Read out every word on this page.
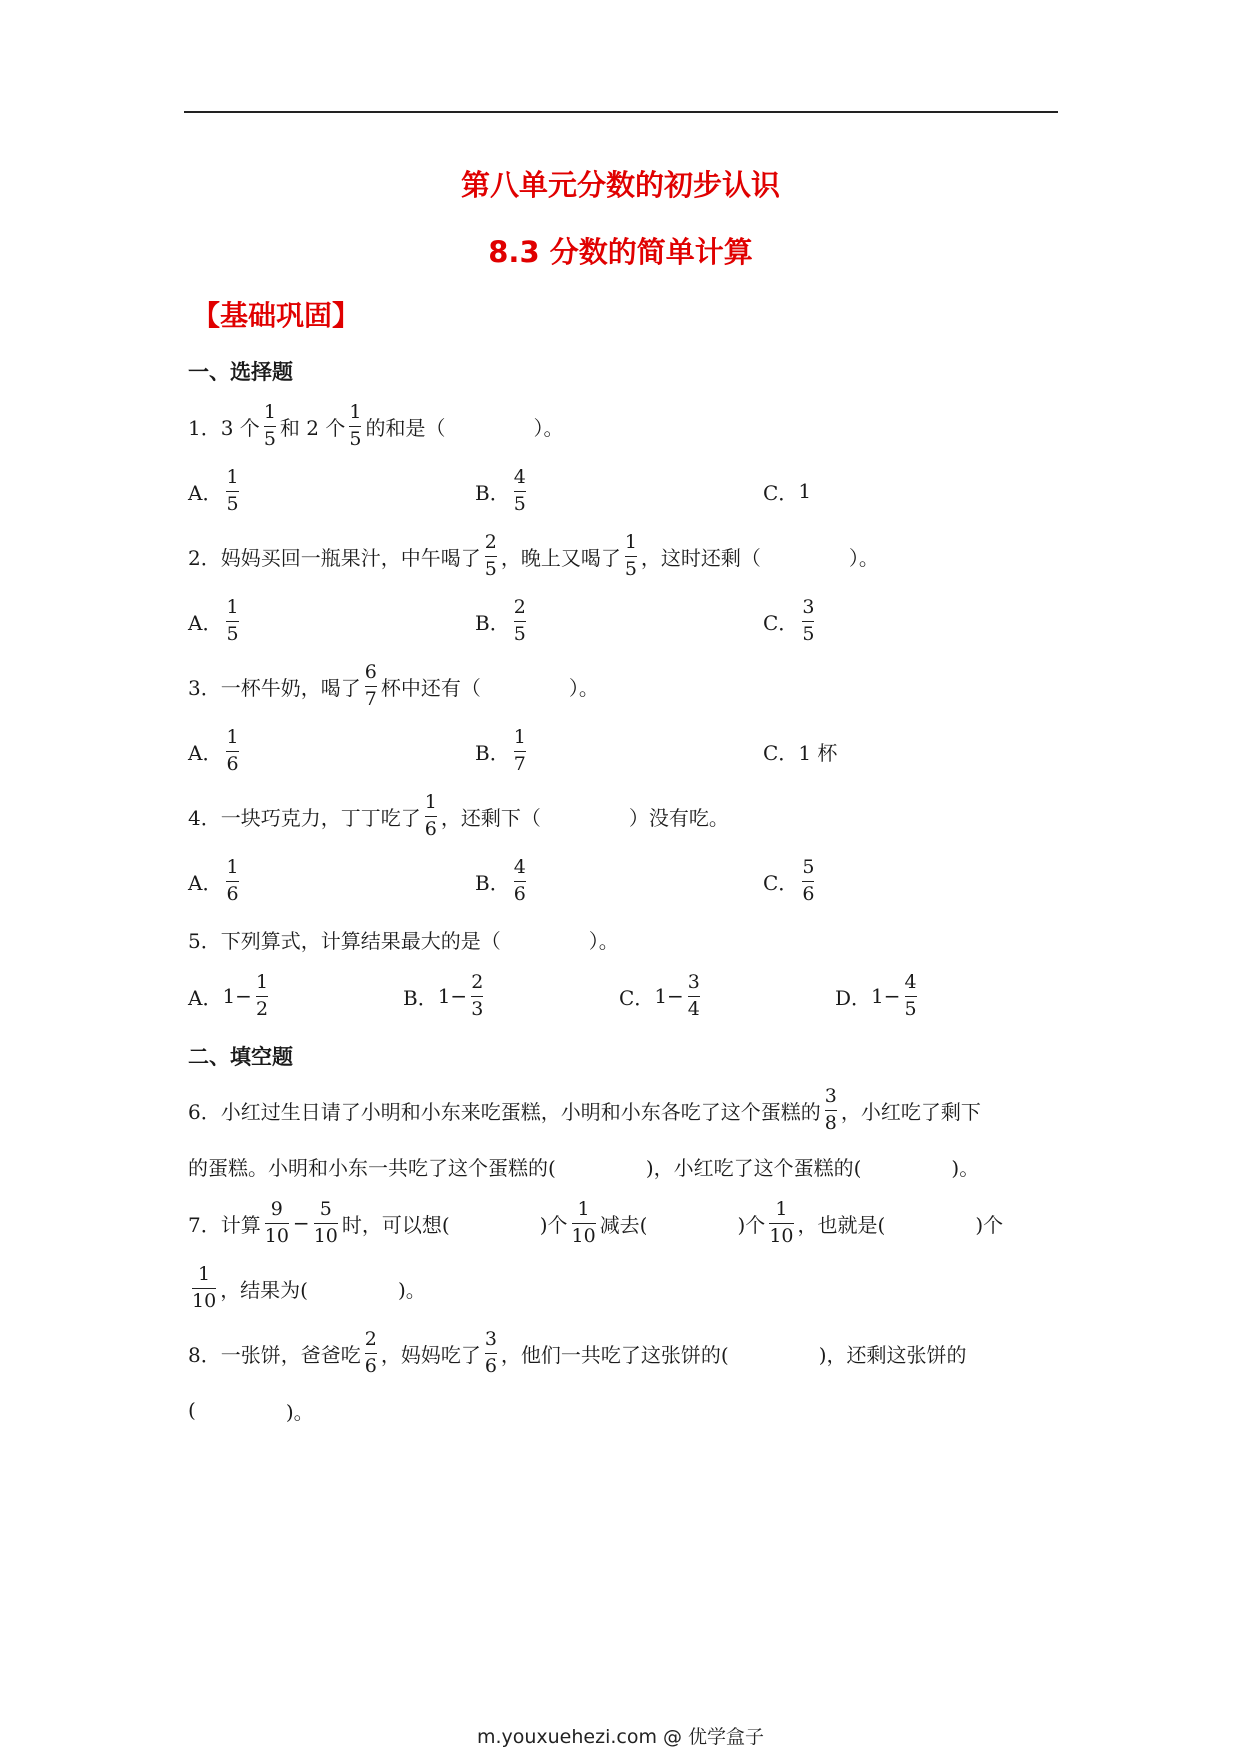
第八单元分数的初步认识
8.3 分数的简单计算
【基础巩固】
一、选择题
1．3 个 $\frac{1}{5}$ 和 2 个 $\frac{1}{5}$ 的和是（	）。
A． $\frac{1}{5}$	B． $\frac{4}{5}$	C． 1
2．妈妈买回一瓶果汁，中午喝了 $\frac{2}{5}$ ，晚上又喝了 $\frac{1}{5}$ ，这时还剩（	）。
A． $\frac{1}{5}$	B． $\frac{2}{5}$	C． $\frac{3}{5}$
3．一杯牛奶，喝了 $\frac{6}{7}$ 杯中还有（	）。
A． $\frac{1}{6}$	B． $\frac{1}{7}$	C． 1 杯
4．一块巧克力，丁丁吃了 $\frac{1}{6}$ ，还剩下（	）没有吃。
A． $\frac{1}{6}$	B． $\frac{4}{6}$	C． $\frac{5}{6}$
5．下列算式，计算结果最大的是（	）。
A． $1- \frac{1}{2}$	B． $1- \frac{2}{3}$	C． $1- \frac{3}{4}$	D． $1- \frac{4}{5}$
二、填空题
6．小红过生日请了小明和小东来吃蛋糕，小明和小东各吃了这个蛋糕的 $\frac{3}{8}$ ，小红吃了剩下
的蛋糕。小明和小东一共吃了这个蛋糕的(	)，小红吃了这个蛋糕的(	)。
7．计算 $\frac{9}{10} - \frac{5}{10}$ 时，可以想(	)个 $\frac{1}{10}$ 减去(	)个 $\frac{1}{10}$ ，也就是(	)个
$\frac{1}{10}$ ，结果为(	)。
8．一张饼，爸爸吃 $\frac{2}{6}$ ，妈妈吃了 $\frac{3}{6}$ ，他们一共吃了这张饼的(	)，还剩这张饼的
(	)。
m.youxuehezi.com @ 优学盒子
